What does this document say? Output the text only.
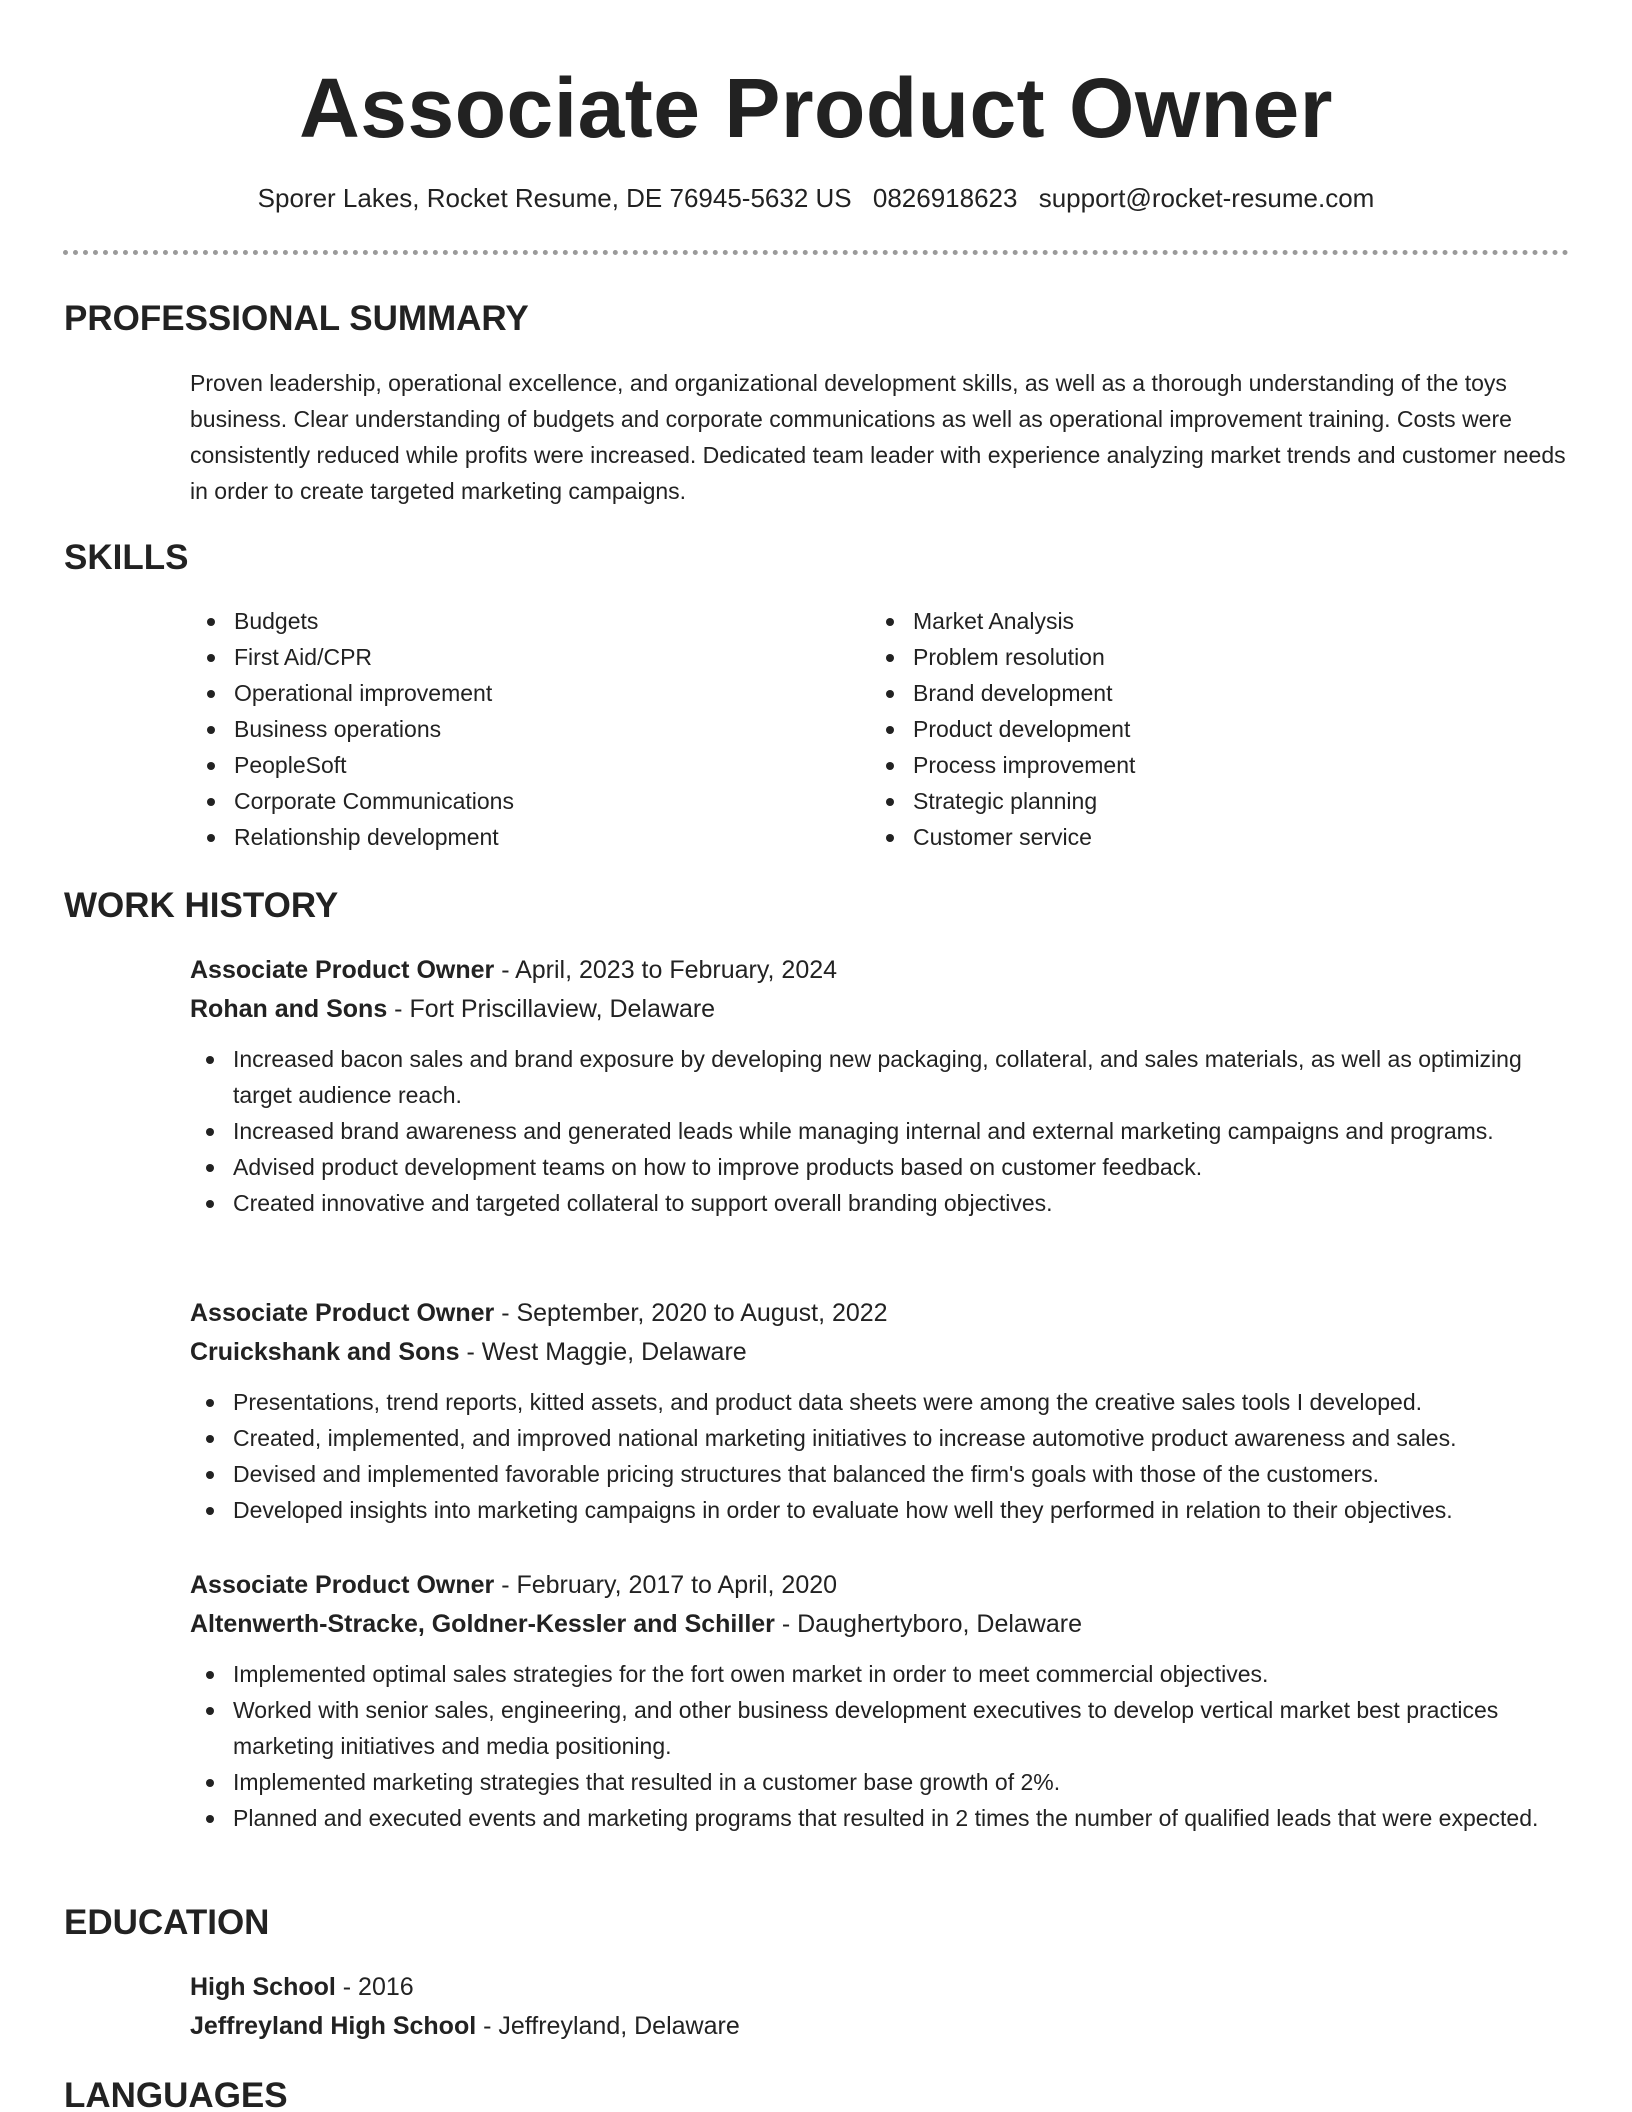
Associate Product Owner
Sporer Lakes, Rocket Resume, DE 76945-5632 US 0826918623 support@rocket-resume.com
PROFESSIONAL SUMMARY

Proven leadership, operational excellence, and organizational development skills, as well as a thorough understanding of the toys business. Clear understanding of budgets and corporate communications as well as operational improvement training. Costs were consistently reduced while profits were increased. Dedicated team leader with experience analyzing market trends and customer needs in order to create targeted marketing campaigns.

SKILLS
Budgets
First Aid/CPR
Operational improvement
Business operations
PeopleSoft
Corporate Communications
Relationship development
Market Analysis
Problem resolution
Brand development
Product development
Process improvement
Strategic planning
Customer service
WORK HISTORY
Associate Product Owner - April, 2023 to February, 2024
Rohan and Sons - Fort Priscillaview, Delaware
Increased bacon sales and brand exposure by developing new packaging, collateral, and sales materials, as well as optimizing target audience reach.
Increased brand awareness and generated leads while managing internal and external marketing campaigns and programs.
Advised product development teams on how to improve products based on customer feedback.
Created innovative and targeted collateral to support overall branding objectives.
Associate Product Owner - September, 2020 to August, 2022
Cruickshank and Sons - West Maggie, Delaware
Presentations, trend reports, kitted assets, and product data sheets were among the creative sales tools I developed.
Created, implemented, and improved national marketing initiatives to increase automotive product awareness and sales.
Devised and implemented favorable pricing structures that balanced the firm's goals with those of the customers.
Developed insights into marketing campaigns in order to evaluate how well they performed in relation to their objectives.
Associate Product Owner - February, 2017 to April, 2020
Altenwerth-Stracke, Goldner-Kessler and Schiller - Daughertyboro, Delaware
Implemented optimal sales strategies for the fort owen market in order to meet commercial objectives.
Worked with senior sales, engineering, and other business development executives to develop vertical market best practices marketing initiatives and media positioning.
Implemented marketing strategies that resulted in a customer base growth of 2%.
Planned and executed events and marketing programs that resulted in 2 times the number of qualified leads that were expected.
EDUCATION
High School - 2016
Jeffreyland High School - Jeffreyland, Delaware
LANGUAGES
